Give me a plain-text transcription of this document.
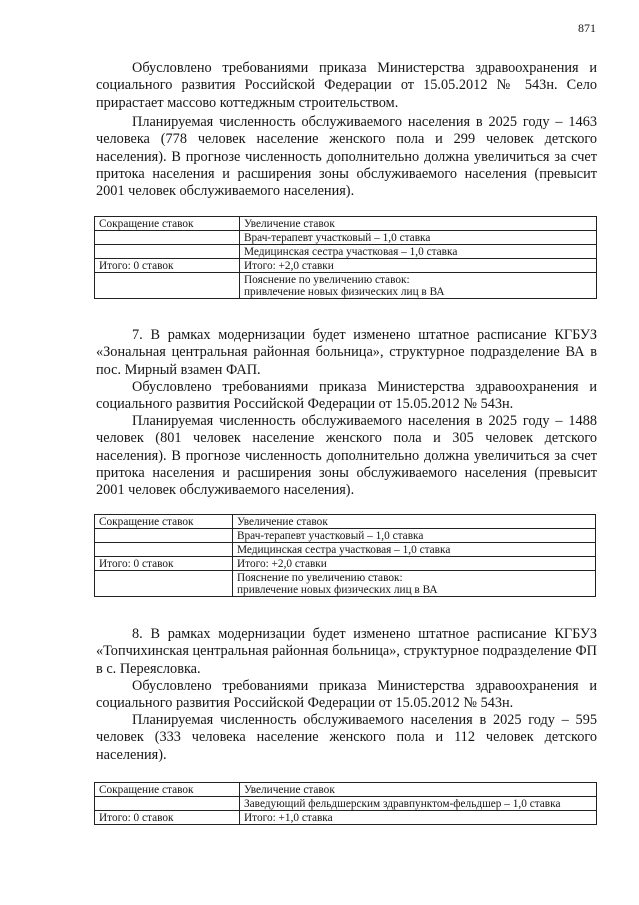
871

Обусловлено требованиями приказа Министерства здравоохранения и социального развития Российской Федерации от 15.05.2012 № 543н. Село прирастает массово коттеджным строительством.

Планируемая численность обслуживаемого населения в 2025 году – 1463 человека (778 человек население женского пола и 299 человек детского населения). В прогнозе численность дополнительно должна увеличиться за счет притока населения и расширения зоны обслуживаемого населения (превысит 2001 человек обслуживаемого населения).

Сокращение ставок	Увеличение ставок
	Врач-терапевт участковый – 1,0 ставка
	Медицинская сестра участковая – 1,0 ставка
Итого: 0 ставок	Итого: +2,0 ставки

	Пояснение по увеличению ставок:
привлечение новых физических лиц в ВА

7. В рамках модернизации будет изменено штатное расписание КГБУЗ «Зональная центральная районная больница», структурное подразделение ВА в пос. Мирный взамен ФАП.

Обусловлено требованиями приказа Министерства здравоохранения и социального развития Российской Федерации от 15.05.2012 № 543н.

Планируемая численность обслуживаемого населения в 2025 году – 1488 человек (801 человек население женского пола и 305 человек детского населения). В прогнозе численность дополнительно должна увеличиться за счет притока населения и расширения зоны обслуживаемого населения (превысит 2001 человек обслуживаемого населения).

Сокращение ставок	Увеличение ставок
	Врач-терапевт участковый – 1,0 ставка
	Медицинская сестра участковая – 1,0 ставка
Итого: 0 ставок	Итого: +2,0 ставки

	Пояснение по увеличению ставок:
привлечение новых физических лиц в ВА

8. В рамках модернизации будет изменено штатное расписание КГБУЗ «Топчихинская центральная районная больница», структурное подразделение ФП в с. Переясловка.

Обусловлено требованиями приказа Министерства здравоохранения и социального развития Российской Федерации от 15.05.2012 № 543н.

Планируемая численность обслуживаемого населения в 2025 году – 595 человек (333 человека население женского пола и 112 человек детского населения).

Сокращение ставок	Увеличение ставок
	Заведующий фельдшерским здравпунктом-фельдшер – 1,0 ставка
Итого: 0 ставок	Итого: +1,0 ставка
